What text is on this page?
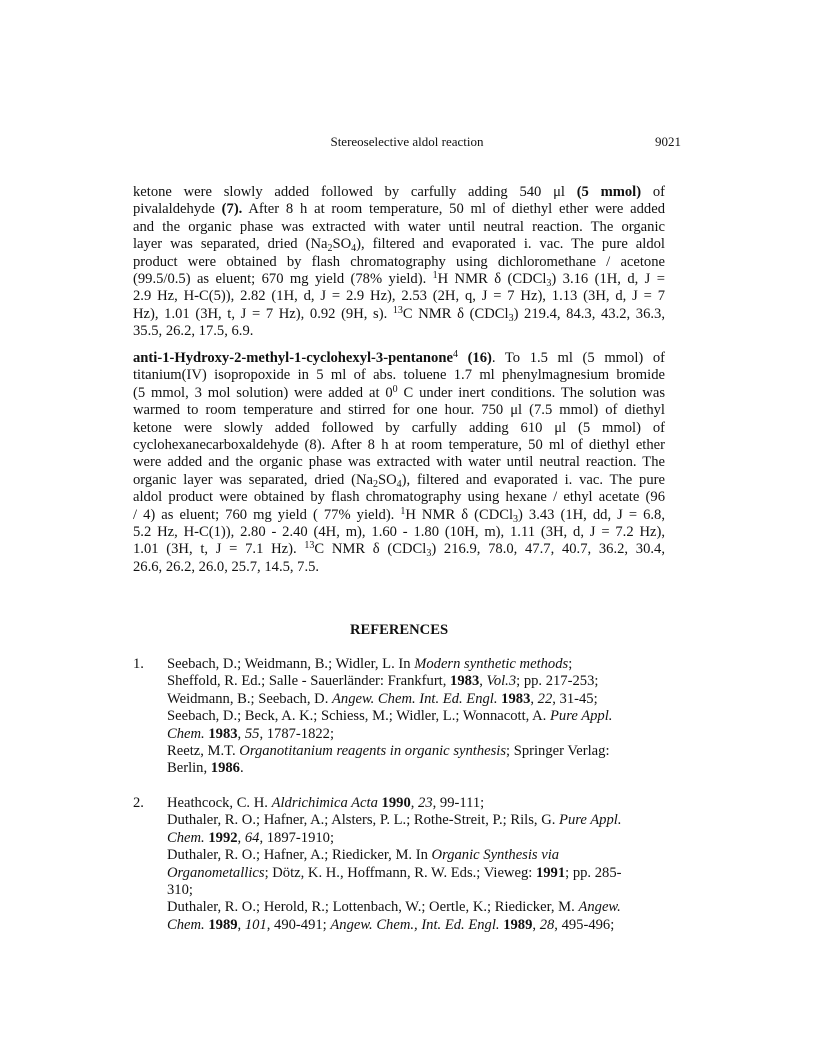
Stereoselective aldol reaction	9021
ketone were slowly added followed by carfully adding 540 μl (5 mmol) of
pivalaldehyde (7). After 8 h at room temperature, 50 ml of diethyl ether were added
and the organic phase was extracted with water until neutral reaction. The organic
layer was separated, dried $(Na_2SO_4)$, filtered and evaporated i. vac. The pure aldol
product were obtained by flash chromatography using dichloromethane / acetone
(99.5/0.5) as eluent; 670 mg yield (78% yield). $^1$H NMR δ (CDCl$_3$) 3.16 (1H, d, J =
2.9 Hz, H-C(5)), 2.82 (1H, d, J = 2.9 Hz), 2.53 (2H, q, J = 7 Hz), 1.13 (3H, d, J = 7
Hz), 1.01 (3H, t, J = 7 Hz), 0.92 (9H, s). $^{13}$C NMR δ (CDCl$_3$) 219.4, 84.3, 43.2, 36.3,
35.5, 26.2, 17.5, 6.9.
anti-1-Hydroxy-2-methyl-1-cyclohexyl-3-pentanone$^4$ (16). To 1.5 ml (5 mmol) of
titanium(IV) isopropoxide in 5 ml of abs. toluene 1.7 ml phenylmagnesium bromide
(5 mmol, 3 mol solution) were added at $0^0$ C under inert conditions. The solution was
warmed to room temperature and stirred for one hour. 750 μl (7.5 mmol) of diethyl
ketone were slowly added followed by carfully adding 610 μl (5 mmol) of
cyclohexanecarboxaldehyde (8). After 8 h at room temperature, 50 ml of diethyl ether
were added and the organic phase was extracted with water until neutral reaction. The
organic layer was separated, dried $(Na_2SO_4)$, filtered and evaporated i. vac. The pure
aldol product were obtained by flash chromatography using hexane / ethyl acetate (96
/ 4) as eluent; 760 mg yield ( 77% yield). $^1$H NMR δ (CDCl$_3$) 3.43 (1H, dd, J = 6.8,
5.2 Hz, H-C(1)), 2.80 - 2.40 (4H, m), 1.60 - 1.80 (10H, m), 1.11 (3H, d, J = 7.2 Hz),
1.01 (3H, t, J = 7.1 Hz). $^{13}$C NMR δ (CDCl$_3$) 216.9, 78.0, 47.7, 40.7, 36.2, 30.4,
26.6, 26.2, 26.0, 25.7, 14.5, 7.5.
REFERENCES
1.	Seebach, D.; Weidmann, B.; Widler, L. In Modern synthetic methods;
Sheffold, R. Ed.; Salle - Sauerländer: Frankfurt, 1983, Vol.3; pp. 217-253;
Weidmann, B.; Seebach, D. Angew. Chem. Int. Ed. Engl. 1983, 22, 31-45;
Seebach, D.; Beck, A. K.; Schiess, M.; Widler, L.; Wonnacott, A. Pure Appl.
Chem. 1983, 55, 1787-1822;
Reetz, M.T. Organotitanium reagents in organic synthesis; Springer Verlag:
Berlin, 1986.
2.	Heathcock, C. H. Aldrichimica Acta 1990, 23, 99-111;
Duthaler, R. O.; Hafner, A.; Alsters, P. L.; Rothe-Streit, P.; Rils, G. Pure Appl.
Chem. 1992, 64, 1897-1910;
Duthaler, R. O.; Hafner, A.; Riedicker, M. In Organic Synthesis via
Organometallics; Dötz, K. H., Hoffmann, R. W. Eds.; Vieweg: 1991; pp. 285-
310;
Duthaler, R. O.; Herold, R.; Lottenbach, W.; Oertle, K.; Riedicker, M. Angew.
Chem. 1989, 101, 490-491; Angew. Chem., Int. Ed. Engl. 1989, 28, 495-496;
